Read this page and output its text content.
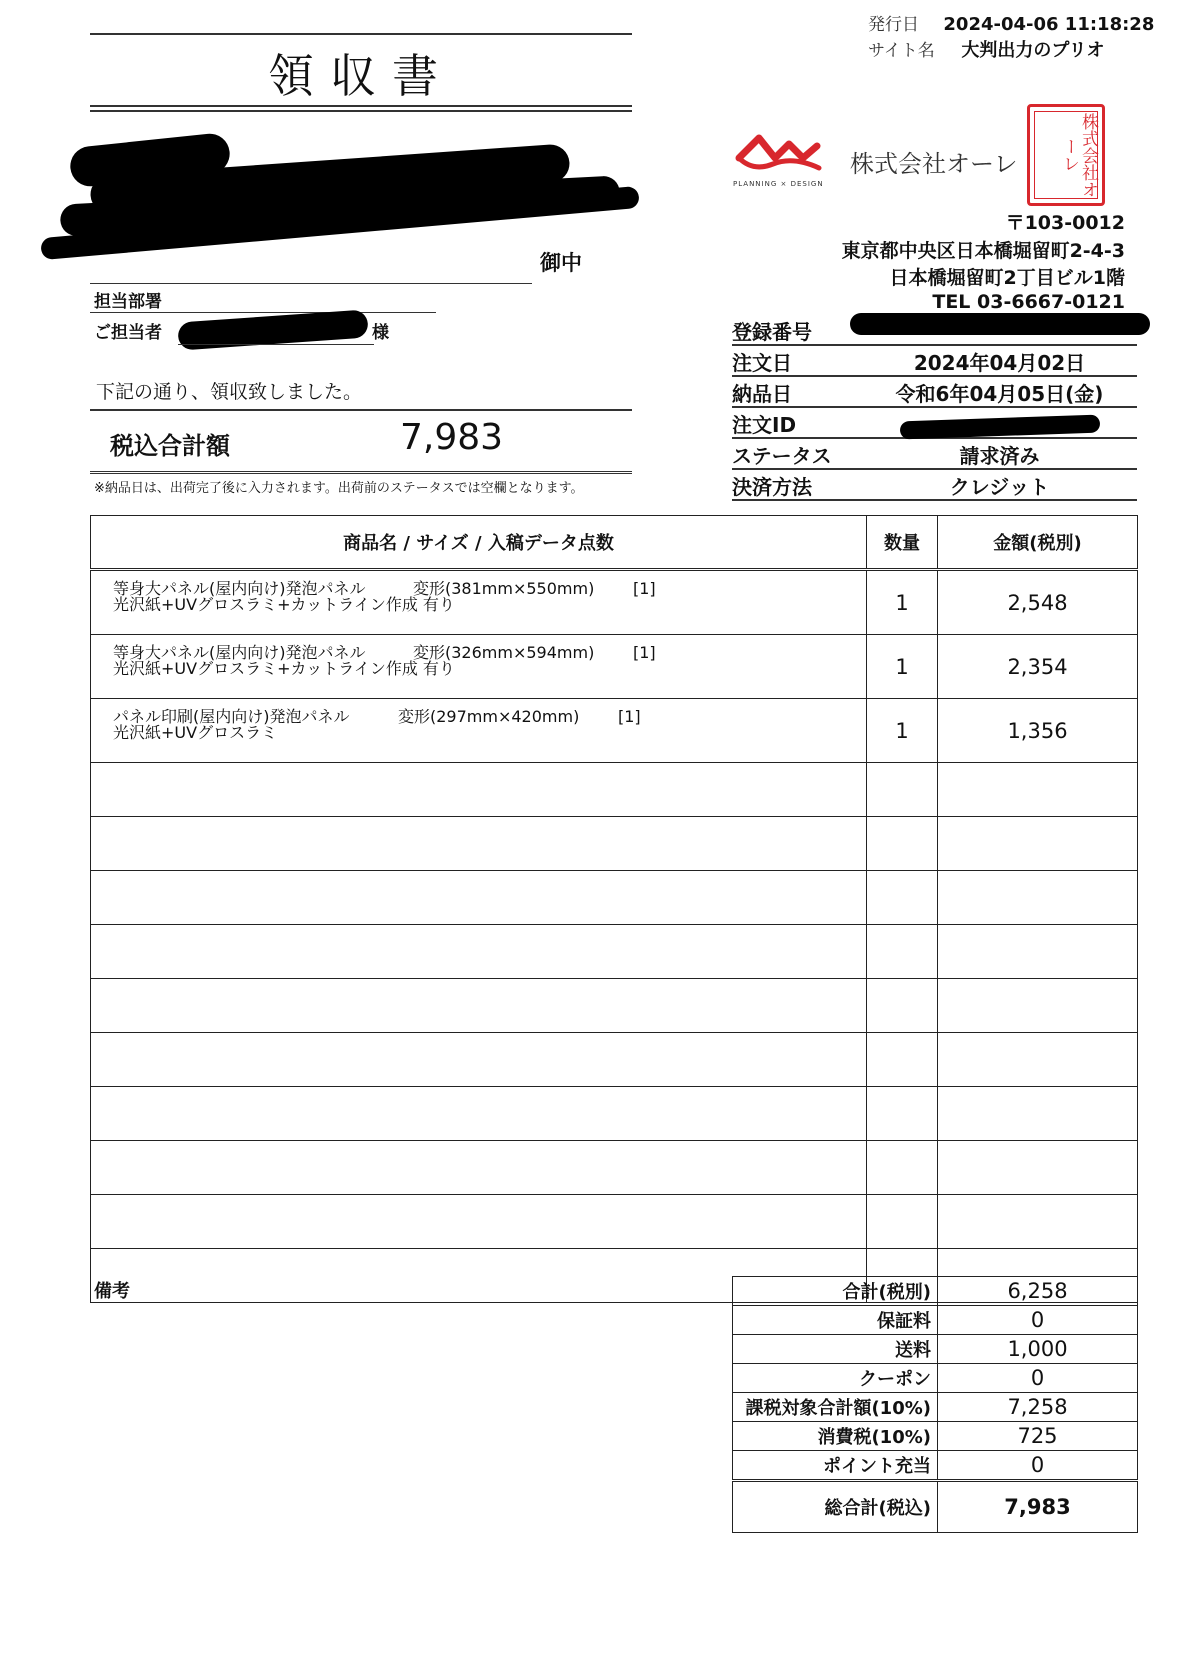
発行日 2024-04-06 11:18:28
サイト名 大判出力のプリオ
領収書
御中
担当部署
ご担当者	様
下記の通り、領収致しました。
税込合計額	7,983
※納品日は、出荷完了後に入力されます。出荷前のステータスでは空欄となります。
PLANNING × DESIGN
株式会社オーレ	株式会社オーレ
〒103-0012
東京都中央区日本橋堀留町2-4-3
日本橋堀留町2丁目ビル1階
TEL 03-6667-0121
登録番号
注文日	2024年04月02日
納品日	令和6年04月05日(金)
注文ID
ステータス	請求済み
決済方法	クレジット
商品名 / サイズ / 入稿データ点数	数量	金額(税別)
等身大パネル(屋内向け)発泡パネル 変形(381mm×550mm) [1]
光沢紙+UVグロスラミ+カットライン作成 有り	1	2,548
等身大パネル(屋内向け)発泡パネル 変形(326mm×594mm) [1]
光沢紙+UVグロスラミ+カットライン作成 有り	1	2,354
パネル印刷(屋内向け)発泡パネル 変形(297mm×420mm) [1]
光沢紙+UVグロスラミ	1	1,356

備考	合計(税別)	6,258
保証料	0
送料	1,000
クーポン	0
課税対象合計額(10%)	7,258
消費税(10%)	725
ポイント充当	0
総合計(税込)	7,983
